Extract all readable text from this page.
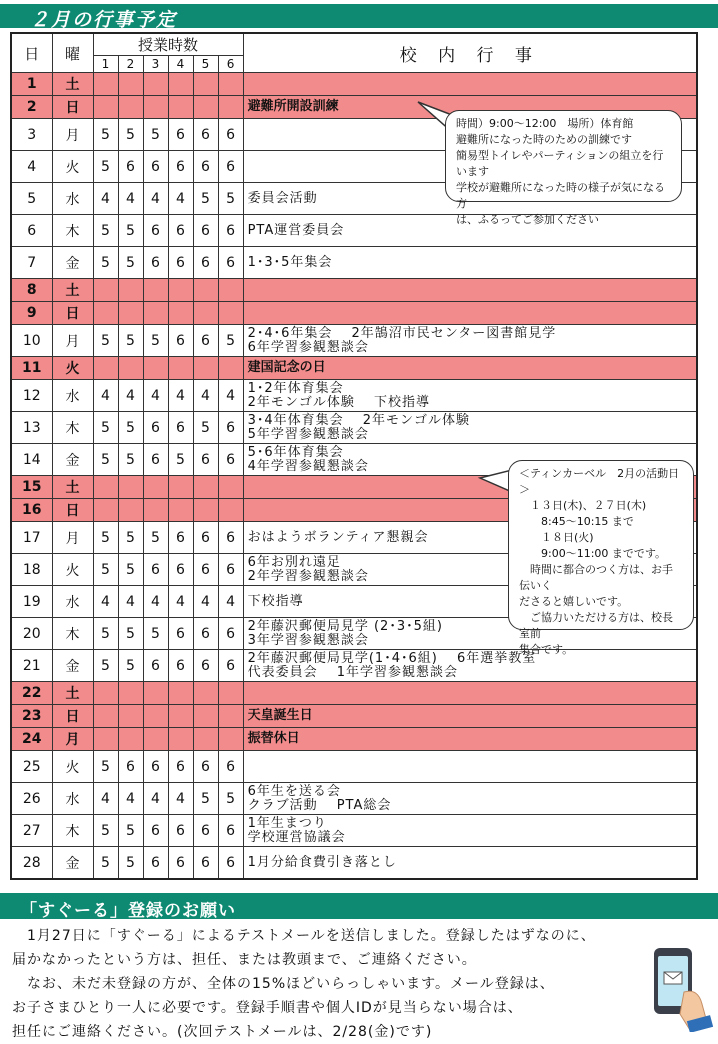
２月の行事予定
日	曜	授業時数						校 内 行 事
		1	2	3	4	5	6	
1	土							
2	日							避難所開設訓練
3	月	5	5	5	6	6	6	
4	火	5	6	6	6	6	6	
5	水	4	4	4	4	5	5	委員会活動
6	木	5	5	6	6	6	6	PTA運営委員会
7	金	5	5	6	6	6	6	1･3･5年集会
8	土							
9	日							
10	月	5	5	5	6	6	5	2･4･6年集会　 2年鵠沼市民センター図書館見学
6年学習参観懇談会
11	火							建国記念の日
12	水	4	4	4	4	4	4	1･2年体育集会
2年モンゴル体験　 下校指導
13	木	5	5	6	6	5	6	3･4年体育集会　 2年モンゴル体験
5年学習参観懇談会
14	金	5	5	6	5	6	6	5･6年体育集会
4年学習参観懇談会
15	土							
16	日							
17	月	5	5	5	6	6	6	おはようボランティア懇親会
18	火	5	5	6	6	6	6	6年お別れ遠足
2年学習参観懇談会
19	水	4	4	4	4	4	4	下校指導
20	木	5	5	5	6	6	6	2年藤沢郵便局見学 (2･3･5組)
3年学習参観懇談会
21	金	5	5	6	6	6	6	2年藤沢郵便局見学(1･4･6組)　 6年選挙教室
代表委員会　 1年学習参観懇談会
22	土							
23	日							天皇誕生日
24	月							振替休日
25	火	5	6	6	6	6	6	
26	水	4	4	4	4	5	5	6年生を送る会
クラブ活動　 PTA総会
27	木	5	5	6	6	6	6	1年生まつり
学校運営協議会
28	金	5	5	6	6	6	6	1月分給食費引き落とし

時間）9:00～12:00　場所）体育館
避難所になった時のための訓練です
簡易型トイレやパーティションの組立を行います
学校が避難所になった時の様子が気になる方
は、ふるってご参加ください

＜ティンカーベル　2月の活動日＞
　１３日(木)、２７日(木)
　　8:45～10:15 まで
　　１８日(火)
　　9:00～11:00 までです。
　時間に都合のつく方は、お手伝いく
ださると嬉しいです。
　ご協力いただける方は、校長室前
集合です。

「すぐーる」登録のお願い

　1月27日に「すぐーる」によるテストメールを送信しました。登録したはずなのに、

届かなかったという方は、担任、または教頭まで、ご連絡ください。

　なお、未だ未登録の方が、全体の15%ほどいらっしゃいます。メール登録は、

お子さまひとり一人に必要です。登録手順書や個人IDが見当らない場合は、

担任にご連絡ください。(次回テストメールは、2/28(金)です)
